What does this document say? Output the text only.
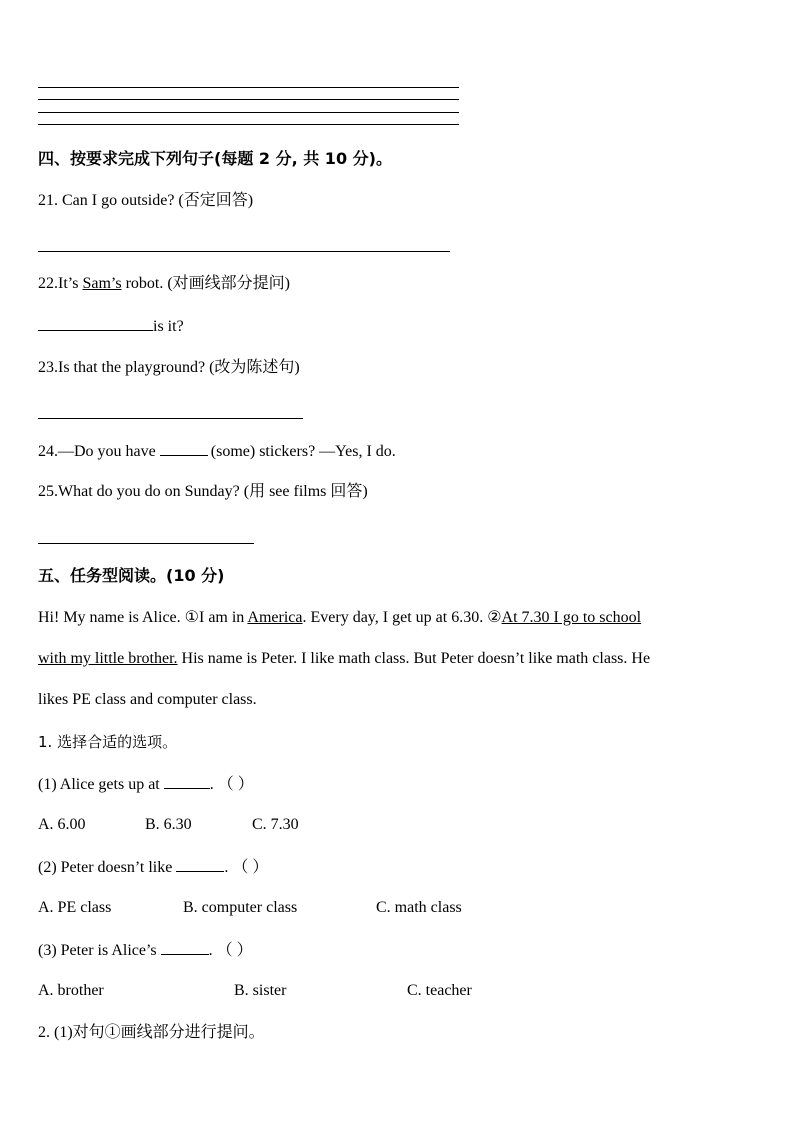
四、按要求完成下列句子(每题 2 分, 共 10 分)。
21. Can I go outside? (否定回答)
22.It’s Sam’s robot. (对画线部分提问)
is it?
23.Is that the playground? (改为陈述句)
24.—Do you have	(some) stickers? —Yes, I do.
25.What do you do on Sunday? (用 see films 回答)
五、任务型阅读。(10 分)
Hi! My name is Alice. ①I am in America. Every day, I get up at 6.30. ②At 7.30 I go to school
with my little brother. His name is Peter. I like math class. But Peter doesn’t like math class. He
likes PE class and computer class.
1. 选择合适的选项。
(1) Alice gets up at	. （ ）
A. 6.00	B. 6.30	C. 7.30
(2) Peter doesn’t like	. （ ）
A. PE class	B. computer class	C. math class
(3) Peter is Alice’s	. （ ）
A. brother	B. sister	C. teacher
2. (1)对句①画线部分进行提问。
